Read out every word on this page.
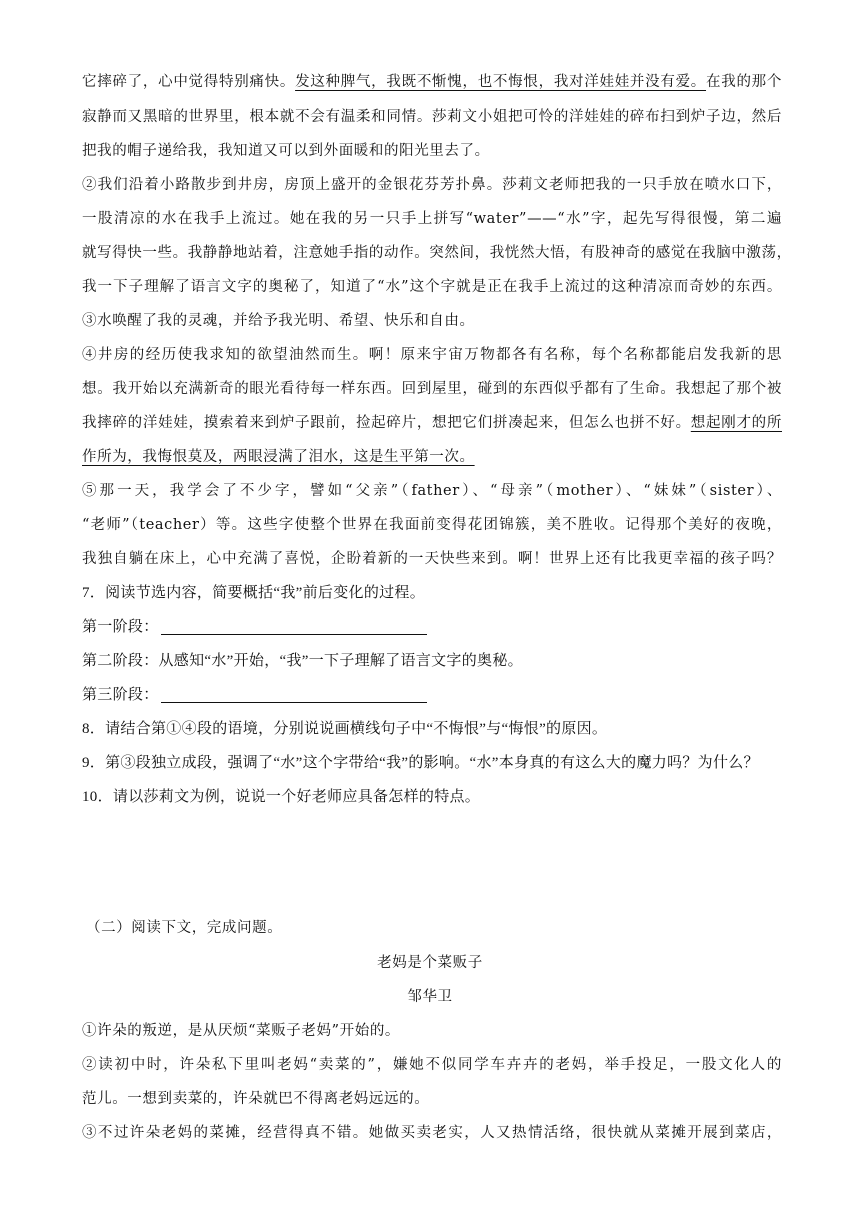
它摔碎了，心中觉得特别痛快。发这种脾气，我既不惭愧，也不悔恨，我对洋娃娃并没有爱。在我的那个
寂静而又黑暗的世界里，根本就不会有温柔和同情。莎莉文小姐把可怜的洋娃娃的碎布扫到炉子边，然后
把我的帽子递给我，我知道又可以到外面暖和的阳光里去了。
②我们沿着小路散步到井房，房顶上盛开的金银花芬芳扑鼻。莎莉文老师把我的一只手放在喷水口下，
一股清凉的水在我手上流过。她在我的另一只手上拼写“water”——“水”字，起先写得很慢，第二遍
就写得快一些。我静静地站着，注意她手指的动作。突然间，我恍然大悟，有股神奇的感觉在我脑中激荡，
我一下子理解了语言文字的奥秘了，知道了“水”这个字就是正在我手上流过的这种清凉而奇妙的东西。
③水唤醒了我的灵魂，并给予我光明、希望、快乐和自由。
④井房的经历使我求知的欲望油然而生。啊！原来宇宙万物都各有名称，每个名称都能启发我新的思
想。我开始以充满新奇的眼光看待每一样东西。回到屋里，碰到的东西似乎都有了生命。我想起了那个被
我摔碎的洋娃娃，摸索着来到炉子跟前，捡起碎片，想把它们拼凑起来，但怎么也拼不好。想起刚才的所
作所为，我悔恨莫及，两眼浸满了泪水，这是生平第一次。
⑤那一天，我学会了不少字，譬如“父亲”（father）、“母亲”（mother）、“妹妹”（sister）、
“老师”（teacher）等。这些字使整个世界在我面前变得花团锦簇，美不胜收。记得那个美好的夜晚，
我独自躺在床上，心中充满了喜悦，企盼着新的一天快些来到。啊！世界上还有比我更幸福的孩子吗？
7．阅读节选内容，简要概括“我”前后变化的过程。
第一阶段：
第二阶段：从感知“水”开始，“我”一下子理解了语言文字的奥秘。
第三阶段：
8．请结合第①④段的语境，分别说说画横线句子中“不悔恨”与“悔恨”的原因。
9．第③段独立成段，强调了“水”这个字带给“我”的影响。“水”本身真的有这么大的魔力吗？为什么？
10．请以莎莉文为例，说说一个好老师应具备怎样的特点。
（二）阅读下文，完成问题。
老妈是个菜贩子
邹华卫
①许朵的叛逆，是从厌烦“菜贩子老妈”开始的。
②读初中时，许朵私下里叫老妈“卖菜的”，嫌她不似同学车卉卉的老妈，举手投足，一股文化人的
范儿。一想到卖菜的，许朵就巴不得离老妈远远的。
③不过许朵老妈的菜摊，经营得真不错。她做买卖老实，人又热情活络，很快就从菜摊开展到菜店，
